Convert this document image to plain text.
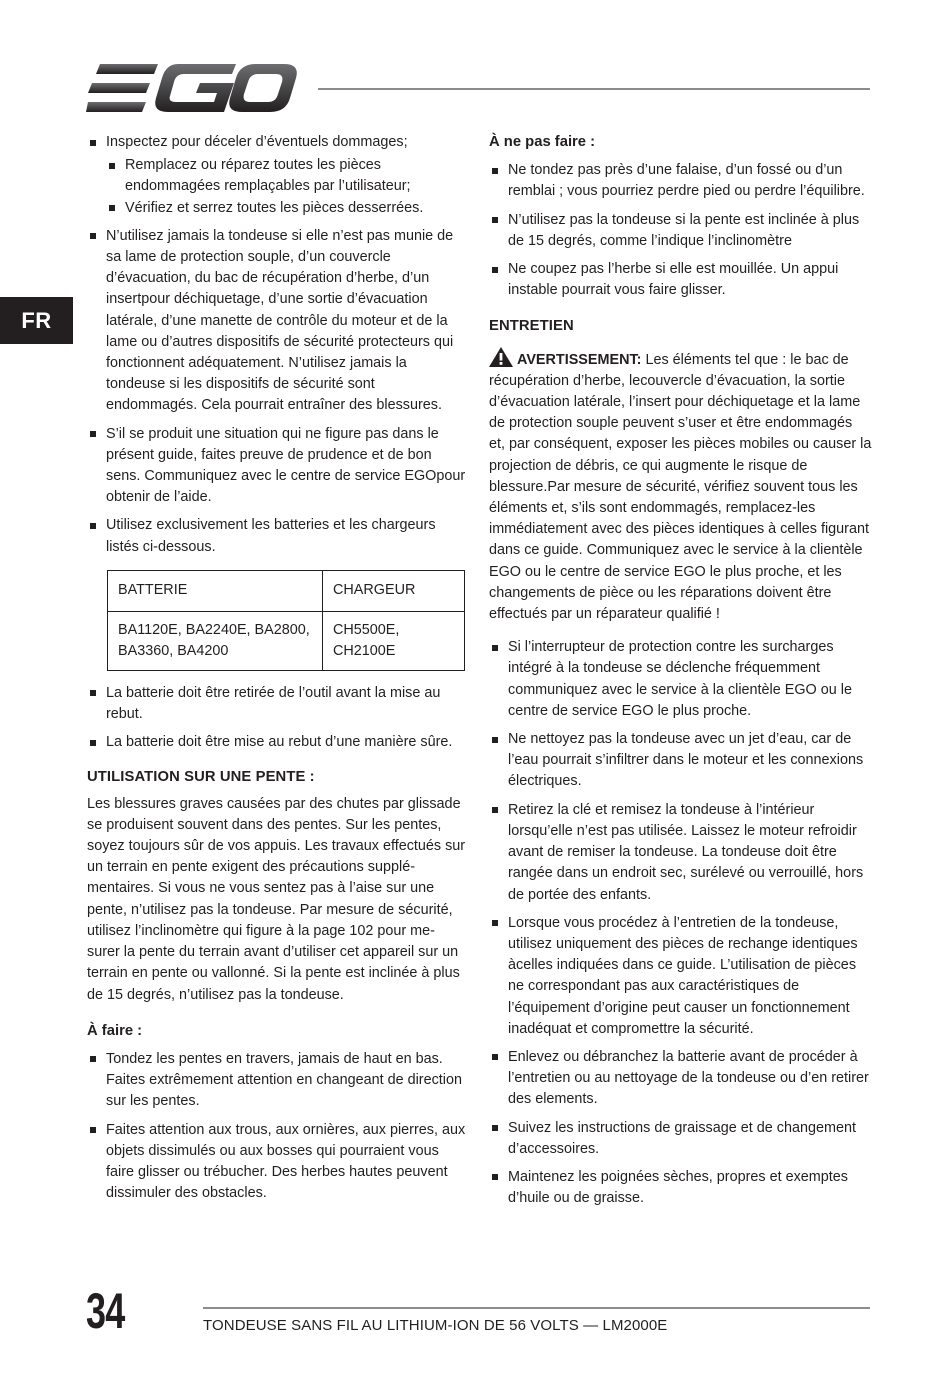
FR
Inspectez pour déceler d’éventuels dommages;
Remplacez ou réparez toutes les pièces endommagées remplaçables par l’utilisateur;
Vérifiez et serrez toutes les pièces desserrées.
N’utilisez jamais la tondeuse si elle n’est pas munie de sa lame de protection souple, d’un couvercle d’évacuation, du bac de récupération d’herbe, d’un insertpour déchiquetage, d’une sortie d’évacuation latérale, d’une manette de contrôle du moteur et de la lame ou d’autres dispositifs de sécurité protecteurs qui fonctionnent adéquatement. N’utilisez jamais la tondeuse si les dispositifs de sécurité sont endommagés. Cela pourrait entraîner des blessures.
S’il se produit une situation qui ne figure pas dans le présent guide, faites preuve de prudence et de bon sens. Communiquez avec le centre de service EGOpour obtenir de l’aide.
Utilisez exclusivement les batteries et les chargeurs listés ci-dessous.
BATTERIE	CHARGEUR
BA1120E, BA2240E, BA2800, BA3360, BA4200	CH5500E, CH2100E
La batterie doit être retirée de l’outil avant la mise au rebut.
La batterie doit être mise au rebut d’une manière sûre.
UTILISATION SUR UNE PENTE :

Les blessures graves causées par des chutes par glissade se produisent souvent dans des pentes. Sur les pentes, soyez toujours sûr de vos appuis. Les travaux effectués sur un terrain en pente exigent des précautions supplé-mentaires. Si vous ne vous sentez pas à l’aise sur une pente, n’utilisez pas la tondeuse. Par mesure de sécurité, utilisez l’inclinomètre qui figure à la page 102 pour me-surer la pente du terrain avant d’utiliser cet appareil sur un terrain en pente ou vallonné. Si la pente est inclinée à plus de 15 degrés, n’utilisez pas la tondeuse.

À faire :
Tondez les pentes en travers, jamais de haut en bas. Faites extrêmement attention en changeant de direction sur les pentes.
Faites attention aux trous, aux ornières, aux pierres, aux objets dissimulés ou aux bosses qui pourraient vous faire glisser ou trébucher. Des herbes hautes peuvent dissimuler des obstacles.
À ne pas faire :
Ne tondez pas près d’une falaise, d’un fossé ou d’un remblai ; vous pourriez perdre pied ou perdre l’équilibre.
N’utilisez pas la tondeuse si la pente est inclinée à plus de 15 degrés, comme l’indique l’inclinomètre
Ne coupez pas l’herbe si elle est mouillée. Un appui instable pourrait vous faire glisser.
ENTRETIEN

AVERTISSEMENT: Les éléments tel que : le bac de récupération d’herbe, lecouvercle d’évacuation, la sortie d’évacuation latérale, l’insert pour déchiquetage et la lame de protection souple peuvent s’user et être endommagés et, par conséquent, exposer les pièces mobiles ou causer la projection de débris, ce qui augmente le risque de blessure.Par mesure de sécurité, vérifiez souvent tous les éléments et, s’ils sont endommagés, remplacez-les immédiatement avec des pièces identiques à celles figurant dans ce guide. Communiquez avec le service à la clientèle EGO ou le centre de service EGO le plus proche, et les changements de pièce ou les réparations doivent être effectués par un réparateur qualifié !

Si l’interrupteur de protection contre les surcharges intégré à la tondeuse se déclenche fréquemment communiquez avec le service à la clientèle EGO ou le centre de service EGO le plus proche.
Ne nettoyez pas la tondeuse avec un jet d’eau, car de l’eau pourrait s’infiltrer dans le moteur et les connexions électriques.
Retirez la clé et remisez la tondeuse à l’intérieur lorsqu’elle n’est pas utilisée. Laissez le moteur refroidir avant de remiser la tondeuse. La tondeuse doit être rangée dans un endroit sec, surélevé ou verrouillé, hors de portée des enfants.
Lorsque vous procédez à l’entretien de la tondeuse, utilisez uniquement des pièces de rechange identiques àcelles indiquées dans ce guide. L’utilisation de pièces ne correspondant pas aux caractéristiques de l’équipement d’origine peut causer un fonctionnement inadéquat et compromettre la sécurité.
Enlevez ou débranchez la batterie avant de procéder à l’entretien ou au nettoyage de la tondeuse ou d’en retirer des elements.
Suivez les instructions de graissage et de changement d’accessoires.
Maintenez les poignées sèches, propres et exemptes d’huile ou de graisse.
34	TONDEUSE SANS FIL AU LITHIUM-ION DE 56 VOLTS — LM2000E
